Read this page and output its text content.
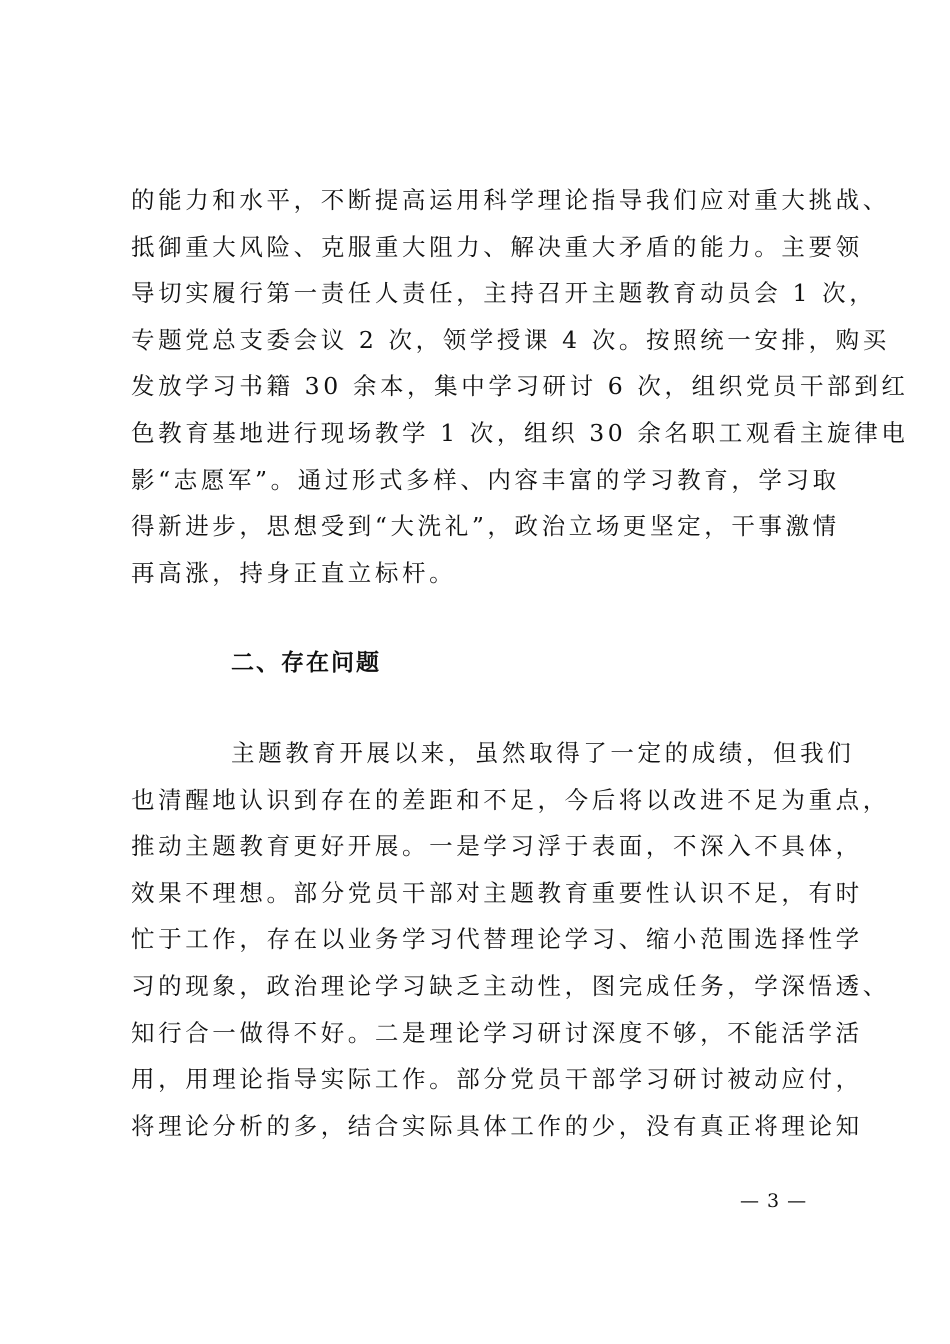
的能力和水平，不断提高运用科学理论指导我们应对重大挑战、
抵御重大风险、克服重大阻力、解决重大矛盾的能力。主要领
导切实履行第一责任人责任，主持召开主题教育动员会 1 次，
专题党总支委会议 2 次，领学授课 4 次。按照统一安排，购买
发放学习书籍 30 余本，集中学习研讨 6 次，组织党员干部到红
色教育基地进行现场教学 1 次，组织 30 余名职工观看主旋律电
影“志愿军”。通过形式多样、内容丰富的学习教育，学习取
得新进步，思想受到“大洗礼”，政治立场更坚定，干事激情
再高涨，持身正直立标杆。

二、存在问题

主题教育开展以来，虽然取得了一定的成绩，但我们
也清醒地认识到存在的差距和不足，今后将以改进不足为重点，
推动主题教育更好开展。一是学习浮于表面，不深入不具体，
效果不理想。部分党员干部对主题教育重要性认识不足，有时
忙于工作，存在以业务学习代替理论学习、缩小范围选择性学
习的现象，政治理论学习缺乏主动性，图完成任务，学深悟透、
知行合一做得不好。二是理论学习研讨深度不够，不能活学活
用，用理论指导实际工作。部分党员干部学习研讨被动应付，
将理论分析的多，结合实际具体工作的少，没有真正将理论知

— 3 —
